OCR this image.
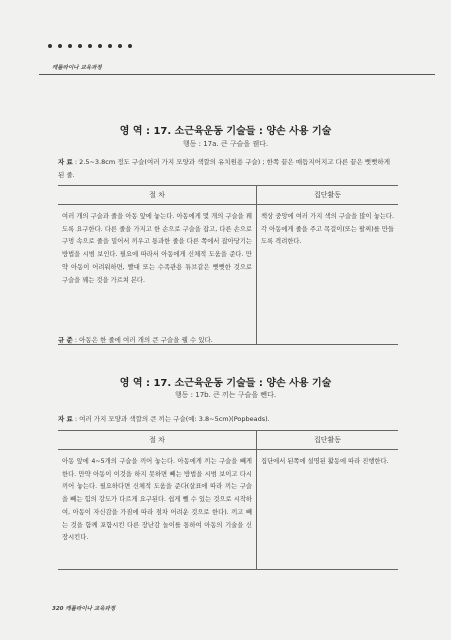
캐롤라이나 교육과정
영 역 : 17. 소근육운동 기술들 : 양손 사용 기술
행동 : 17a. 큰 구슬을 꿴다.
자 료 : 2.5~3.8cm 정도 구슬(여러 가지 모양과 색깔의 유치원용 구슬) ; 한쪽 끝은 매듭지어지고 다른 끝은 뻣뻣하게 된 줄.
절 차	집단활동
여러 개의 구슬과 줄을 아동 앞에 놓는다. 아동에게 몇 개의 구슬을 꿰도록 요구한다. 다른 줄을 가지고 한 손으로 구슬을 잡고, 다른 손으로 구멍 속으로 줄을 밀어서 끼우고 통과한 줄을 다른 쪽에서 잡아당기는 방법을 시범 보인다. 필요에 따라서 아동에게 신체적 도움을 준다. 만약 아동이 어려워하면, 빨대 또는 수족관용 튜브같은 뻣뻣한 것으로 구슬을 꿰는 것을 가르쳐 본다.	책상 중앙에 여러 가지 색의 구슬을 많이 놓는다. 각 아동에게 줄을 주고 목걸이(또는 팔찌)를 만들도록 격려한다.
규 준 : 아동은 한 줄에 여러 개의 큰 구슬을 꿸 수 있다.
영 역 : 17. 소근육운동 기술들 : 양손 사용 기술
행동 : 17b. 큰 끼는 구슬을 뺀다.
자 료 : 여러 가지 모양과 색깔의 큰 끼는 구슬(예: 3.8~5cm)(Popbeads).
절 차	집단활동
아동 앞에 4~5개의 구슬을 끼어 놓는다. 아동에게 끼는 구슬을 빼게 한다. 만약 아동이 이것을 하지 못하면 빼는 방법을 시범 보이고 다시 끼어 놓는다. 필요하다면 신체적 도움을 준다(살표에 따라 끼는 구슬을 빼는 힘의 강도가 다르게 요구된다. 쉽게 뺄 수 있는 것으로 시작하여, 아동이 자신감을 가짐에 따라 점차 어려운 것으로 한다). 끼고 빼는 것을 함께 포함시킨 다른 장난감 놀이를 통하여 아동의 기술을 신장시킨다.	집단에서 된쪽에 설명된 활동에 따라 진행한다.
320 캐롤라이나 교육과정
